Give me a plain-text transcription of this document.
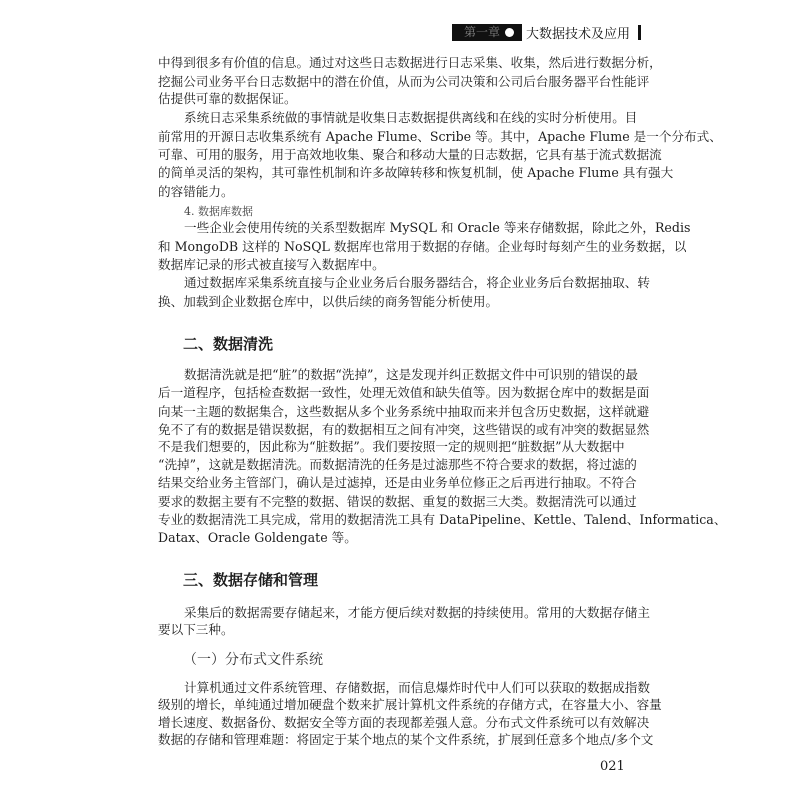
第一章 大数据技术及应用
中得到很多有价值的信息。通过对这些日志数据进行日志采集、收集，然后进行数据分析，
挖掘公司业务平台日志数据中的潜在价值，从而为公司决策和公司后台服务器平台性能评
估提供可靠的数据保证。
系统日志采集系统做的事情就是收集日志数据提供离线和在线的实时分析使用。目
前常用的开源日志收集系统有 Apache Flume、Scribe 等。其中，Apache Flume 是一个分布式、
可靠、可用的服务，用于高效地收集、聚合和移动大量的日志数据，它具有基于流式数据流
的简单灵活的架构，其可靠性机制和许多故障转移和恢复机制，使 Apache Flume 具有强大
的容错能力。
4. 数据库数据
一些企业会使用传统的关系型数据库 MySQL 和 Oracle 等来存储数据，除此之外，Redis
和 MongoDB 这样的 NoSQL 数据库也常用于数据的存储。企业每时每刻产生的业务数据，以
数据库记录的形式被直接写入数据库中。
通过数据库采集系统直接与企业业务后台服务器结合，将企业业务后台数据抽取、转
换、加载到企业数据仓库中，以供后续的商务智能分析使用。
二、数据清洗
数据清洗就是把“脏”的数据“洗掉”，这是发现并纠正数据文件中可识别的错误的最
后一道程序，包括检查数据一致性，处理无效值和缺失值等。因为数据仓库中的数据是面
向某一主题的数据集合，这些数据从多个业务系统中抽取而来并包含历史数据，这样就避
免不了有的数据是错误数据，有的数据相互之间有冲突，这些错误的或有冲突的数据显然
不是我们想要的，因此称为“脏数据”。我们要按照一定的规则把“脏数据”从大数据中
“洗掉”，这就是数据清洗。而数据清洗的任务是过滤那些不符合要求的数据，将过滤的
结果交给业务主管部门，确认是过滤掉，还是由业务单位修正之后再进行抽取。不符合
要求的数据主要有不完整的数据、错误的数据、重复的数据三大类。数据清洗可以通过
专业的数据清洗工具完成，常用的数据清洗工具有 DataPipeline、Kettle、Talend、Informatica、
Datax、Oracle Goldengate 等。
三、数据存储和管理
采集后的数据需要存储起来，才能方便后续对数据的持续使用。常用的大数据存储主
要以下三种。
（一）分布式文件系统
计算机通过文件系统管理、存储数据，而信息爆炸时代中人们可以获取的数据成指数
级别的增长，单纯通过增加硬盘个数来扩展计算机文件系统的存储方式，在容量大小、容量
增长速度、数据备份、数据安全等方面的表现都差强人意。分布式文件系统可以有效解决
数据的存储和管理难题：将固定于某个地点的某个文件系统，扩展到任意多个地点/多个文
021
